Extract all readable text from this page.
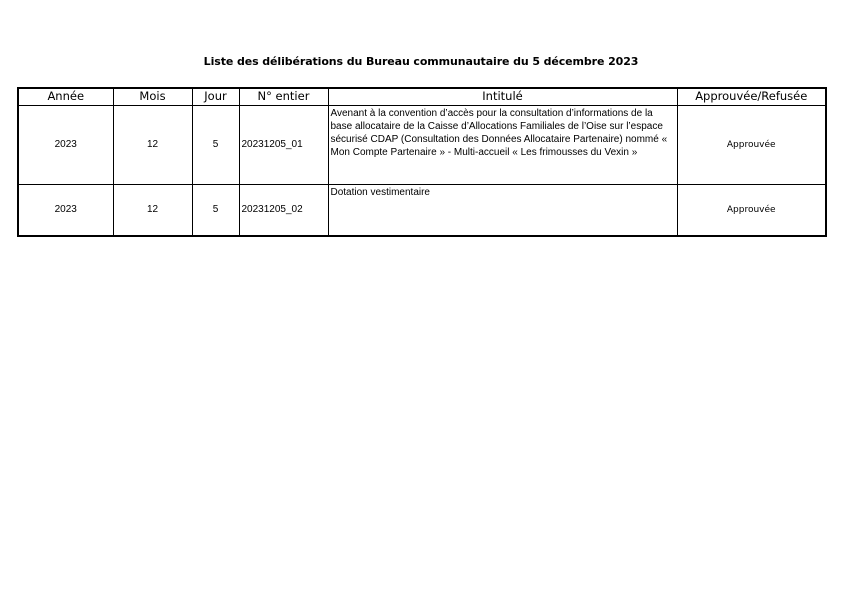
Liste des délibérations du Bureau communautaire du 5 décembre 2023
Année	Mois	Jour	N° entier	Intitulé	Approuvée/Refusée
2023	12	5	20231205_01	Avenant à la convention d’accès pour la consultation d’informations de la base allocataire de la Caisse d’Allocations Familiales de l’Oise sur l’espace sécurisé CDAP (Consultation des Données Allocataire Partenaire) nommé « Mon Compte Partenaire » - Multi-accueil « Les frimousses du Vexin »	Approuvée
2023	12	5	20231205_02	Dotation vestimentaire	Approuvée
